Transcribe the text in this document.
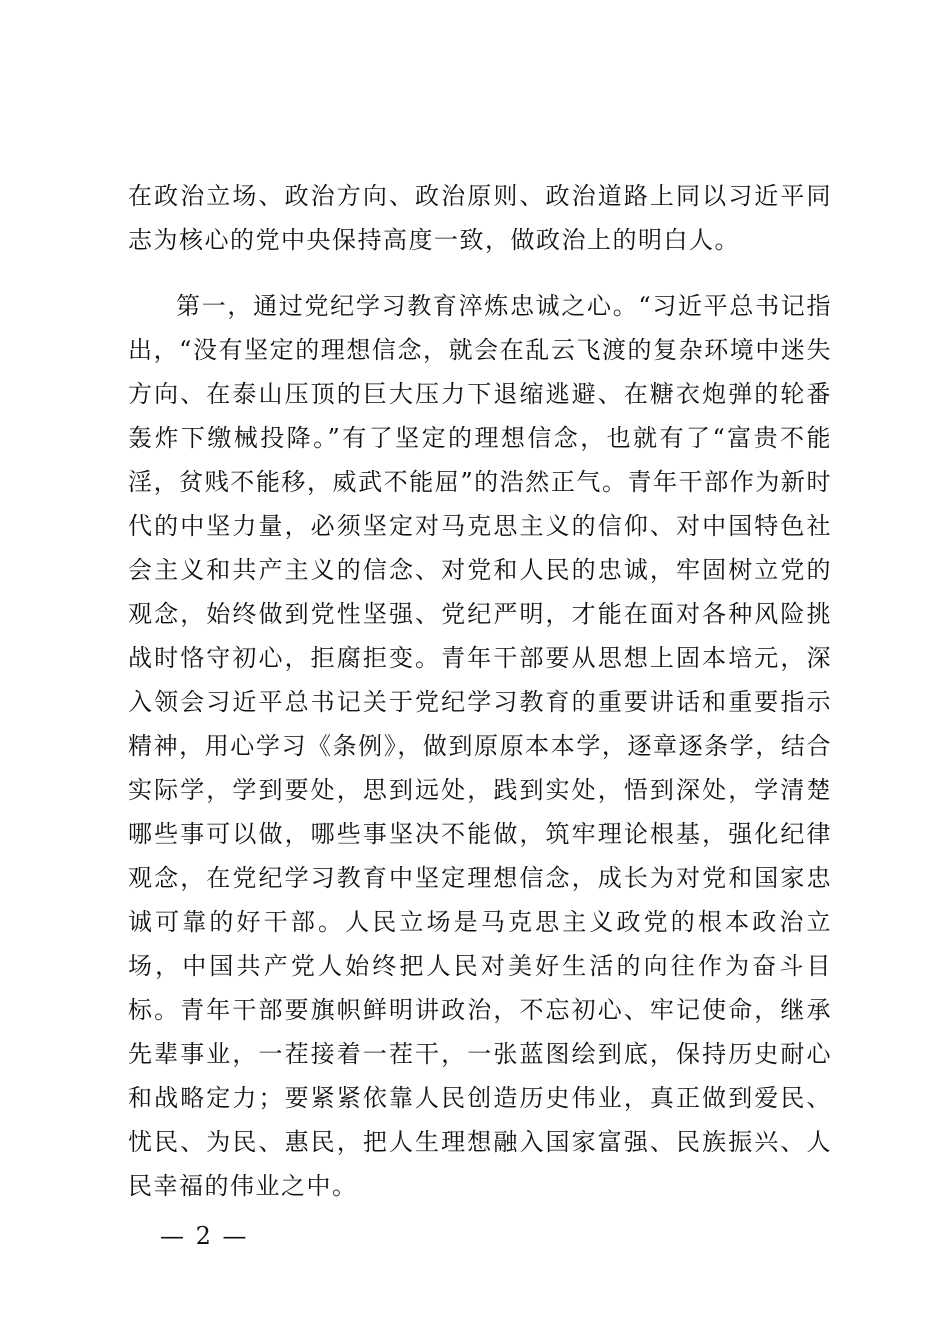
在政治立场、政治方向、政治原则、政治道路上同以习近平同志为核心的党中央保持高度一致，做政治上的明白人。

第一，通过党纪学习教育淬炼忠诚之心。“习近平总书记指出，“没有坚定的理想信念，就会在乱云飞渡的复杂环境中迷失方向、在泰山压顶的巨大压力下退缩逃避、在糖衣炮弹的轮番轰炸下缴械投降。”有了坚定的理想信念，也就有了“富贵不能淫，贫贱不能移，威武不能屈”的浩然正气。青年干部作为新时代的中坚力量，必须坚定对马克思主义的信仰、对中国特色社会主义和共产主义的信念、对党和人民的忠诚，牢固树立党的观念，始终做到党性坚强、党纪严明，才能在面对各种风险挑战时恪守初心，拒腐拒变。青年干部要从思想上固本培元，深入领会习近平总书记关于党纪学习教育的重要讲话和重要指示精神，用心学习《条例》，做到原原本本学，逐章逐条学，结合实际学，学到要处，思到远处，践到实处，悟到深处，学清楚哪些事可以做，哪些事坚决不能做，筑牢理论根基，强化纪律观念，在党纪学习教育中坚定理想信念，成长为对党和国家忠诚可靠的好干部。人民立场是马克思主义政党的根本政治立场，中国共产党人始终把人民对美好生活的向往作为奋斗目标。青年干部要旗帜鲜明讲政治，不忘初心、牢记使命，继承先辈事业，一茬接着一茬干，一张蓝图绘到底，保持历史耐心和战略定力；要紧紧依靠人民创造历史伟业，真正做到爱民、忧民、为民、惠民，把人生理想融入国家富强、民族振兴、人民幸福的伟业之中。

— 2 —
